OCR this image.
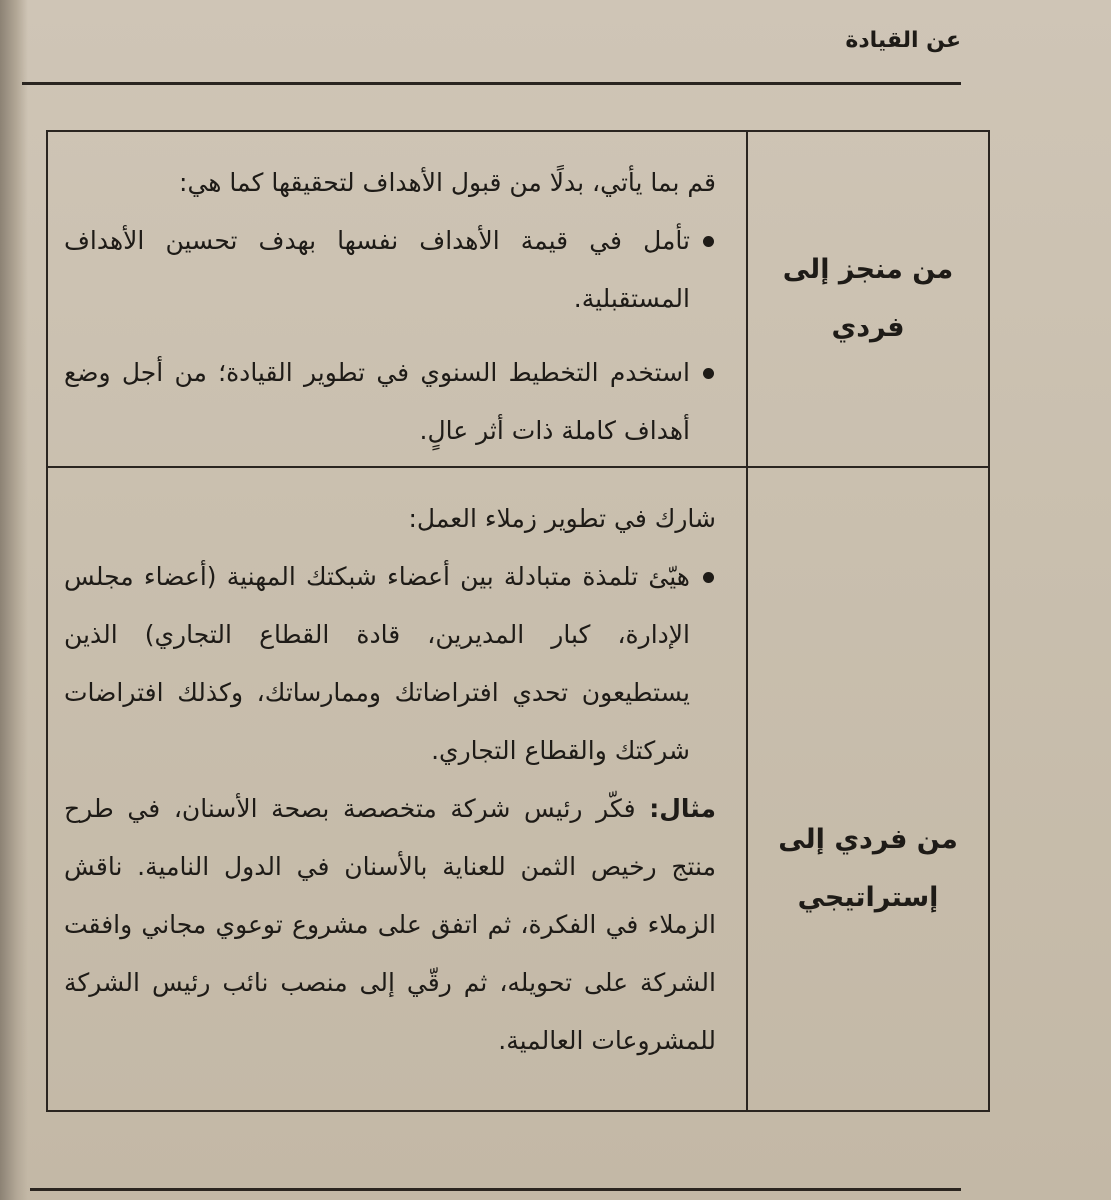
عن القيادة

قم بما يأتي، بدلًا من قبول الأهداف لتحقيقها كما هي:

تأمل في قيمة الأهداف نفسها بهدف تحسين الأهداف المستقبلية.

استخدم التخطيط السنوي في تطوير القيادة؛ من أجل وضع أهداف كاملة ذات أثر عالٍ.

من منجز إلى
فردي

شارك في تطوير زملاء العمل:

هيّئ تلمذة متبادلة بين أعضاء شبكتك المهنية (أعضاء مجلس الإدارة، كبار المديرين، قادة القطاع التجاري) الذين يستطيعون تحدي افتراضاتك وممارساتك، وكذلك افتراضات شركتك والقطاع التجاري.

مثال: فكّر رئيس شركة متخصصة بصحة الأسنان، في طرح منتج رخيص الثمن للعناية بالأسنان في الدول النامية. ناقش الزملاء في الفكرة، ثم اتفق على مشروع توعوي مجاني وافقت الشركة على تحويله، ثم رقّي إلى منصب نائب رئيس الشركة للمشروعات العالمية.

من فردي إلى
إستراتيجي
